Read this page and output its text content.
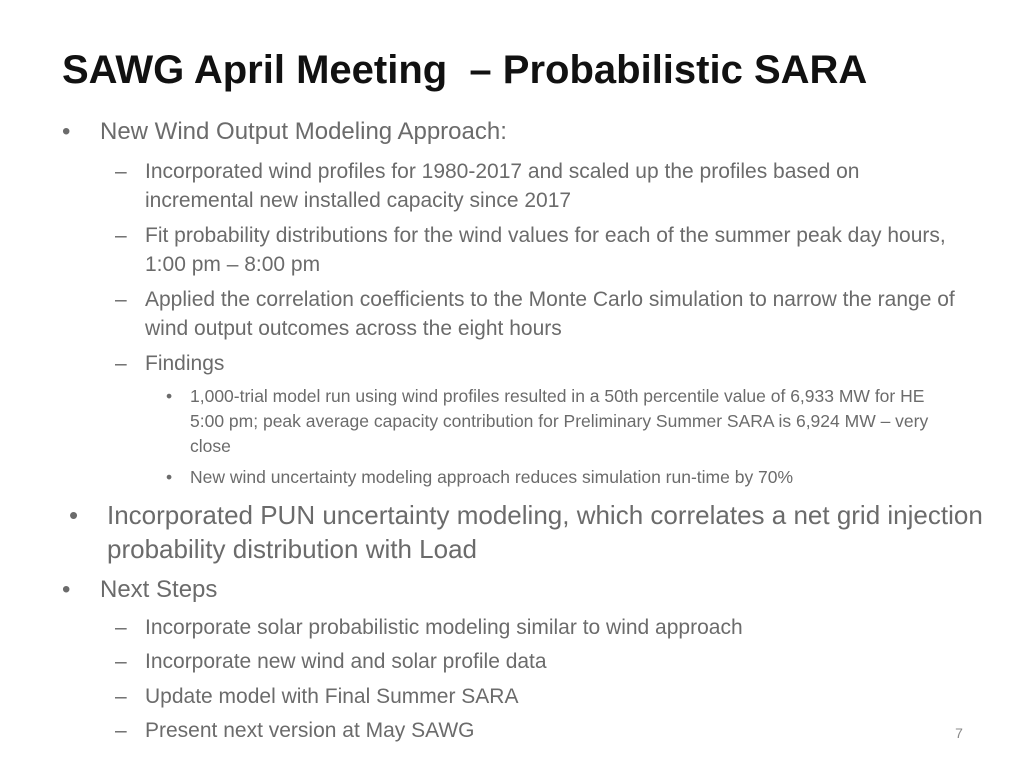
SAWG April Meeting  – Probabilistic SARA
• New Wind Output Modeling Approach:
– Incorporated wind profiles for 1980-2017 and scaled up the profiles based on incremental new installed capacity since 2017
– Fit probability distributions for the wind values for each of the summer peak day hours, 1:00 pm – 8:00 pm
– Applied the correlation coefficients to the Monte Carlo simulation to narrow the range of wind output outcomes across the eight hours
– Findings
• 1,000-trial model run using wind profiles resulted in a 50th percentile value of 6,933 MW for HE 5:00 pm; peak average capacity contribution for Preliminary Summer SARA is 6,924 MW – very close
• New wind uncertainty modeling approach reduces simulation run-time by 70%
• Incorporated PUN uncertainty modeling, which correlates a net grid injection probability distribution with Load
• Next Steps
– Incorporate solar probabilistic modeling similar to wind approach
– Incorporate new wind and solar profile data
– Update model with Final Summer SARA
– Present next version at May SAWG	7
